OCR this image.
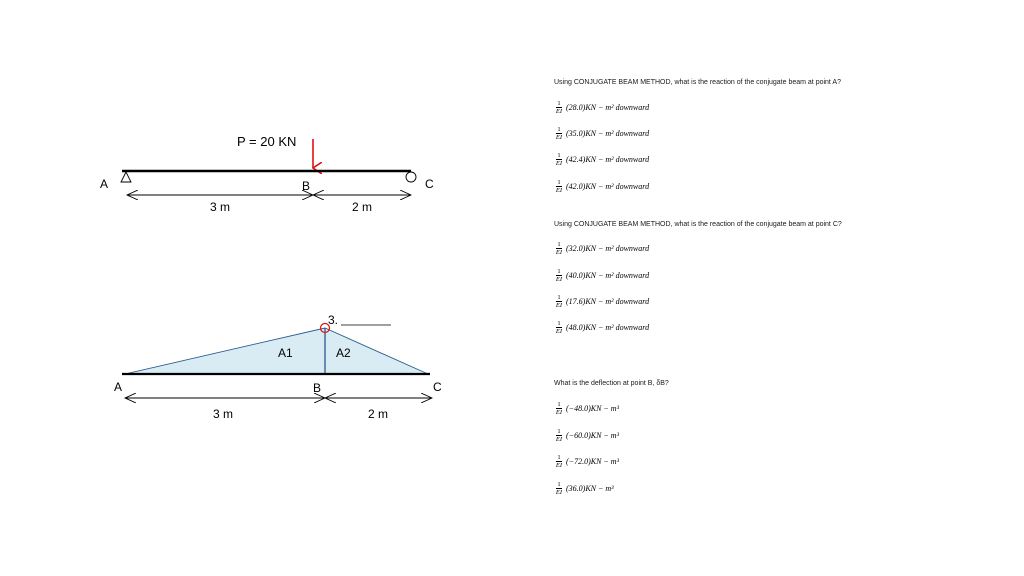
P = 20 KN
A	B	C
3 m	2 m
3.
A1	A2
A	B	C
3 m	2 m
Using CONJUGATE BEAM METHOD, what is the reaction of the conjugate beam at point A?
$\frac{1}{EI} (28.0)KN - m^2$ downward
$\frac{1}{EI} (35.0)KN - m^2$ downward
$\frac{1}{EI} (42.4)KN - m^2$ downward
$\frac{1}{EI} (42.0)KN - m^2$ downward
Using CONJUGATE BEAM METHOD, what is the reaction of the conjugate beam at point C?
$\frac{1}{EI} (32.0)KN - m^2$ downward
$\frac{1}{EI} (40.0)KN - m^2$ downward
$\frac{1}{EI} (17.6)KN - m^2$ downward
$\frac{1}{EI} (48.0)KN - m^2$ downward
What is the deflection at point B, δB?
$\frac{1}{EI} (-48.0)KN - m^3$
$\frac{1}{EI} (-60.0)KN - m^3$
$\frac{1}{EI} (-72.0)KN - m^3$
$\frac{1}{EI} (36.0)KN - m^3$
